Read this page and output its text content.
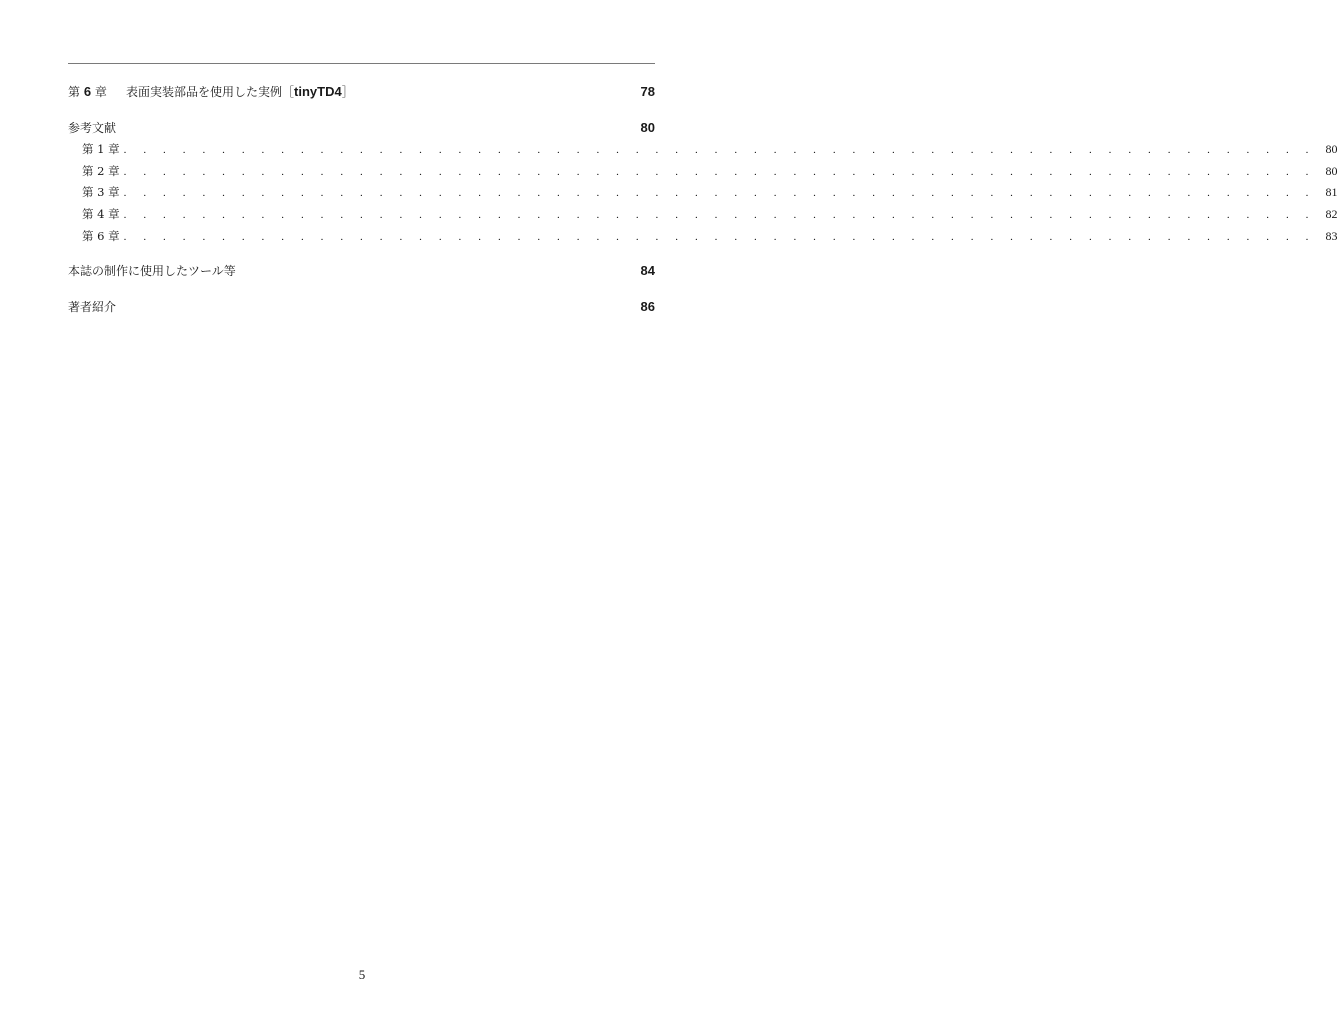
第 6 章 表面実装部品を使用した実例［tinyTD4］	78
参考文献	80
第 1 章 . . . . . . . . . . . . . . . . . . . . . . . . . . . . . . . . . . . . . . . . . . . . . . . . . . . . . . . . . . . . . 80
第 2 章 . . . . . . . . . . . . . . . . . . . . . . . . . . . . . . . . . . . . . . . . . . . . . . . . . . . . . . . . . . . . . 80
第 3 章 . . . . . . . . . . . . . . . . . . . . . . . . . . . . . . . . . . . . . . . . . . . . . . . . . . . . . . . . . . . . . 81
第 4 章 . . . . . . . . . . . . . . . . . . . . . . . . . . . . . . . . . . . . . . . . . . . . . . . . . . . . . . . . . . . . . 82
第 6 章 . . . . . . . . . . . . . . . . . . . . . . . . . . . . . . . . . . . . . . . . . . . . . . . . . . . . . . . . . . . . . 83
本誌の制作に使用したツール等	84
著者紹介	86
5
